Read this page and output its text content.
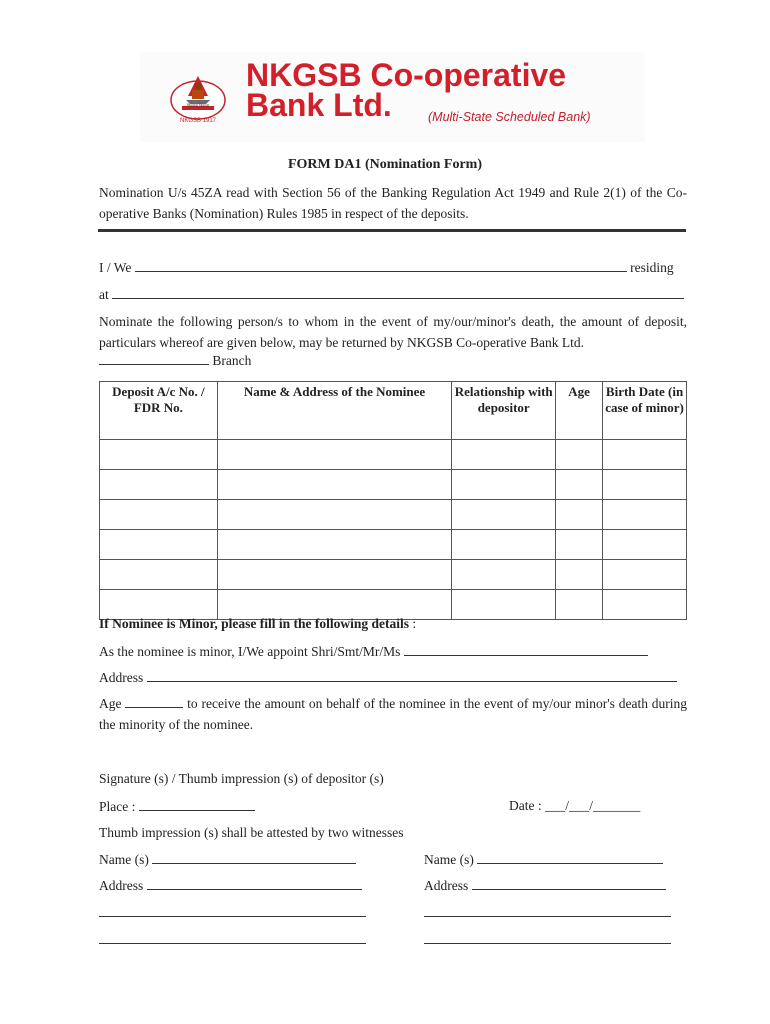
विश्वास विकास
NKGSB 1917
NKGSB Co-operative
Bank Ltd.	(Multi-State Scheduled Bank)
FORM DA1 (Nomination Form)
Nomination U/s 45ZA read with Section 56 of the Banking Regulation Act 1949 and Rule 2(1) of the Co-operative Banks (Nomination) Rules 1985 in respect of the deposits.
I / We	residing
at
Nominate the following person/s to whom in the event of my/our/minor's death, the amount of deposit, particulars whereof are given below, may be returned by NKGSB Co-operative Bank Ltd.
Branch
Deposit A/c No. / FDR No.	Name & Address of the Nominee	Relationship with depositor	Age	Birth Date (in case of minor)

If Nominee is Minor, please fill in the following details :
As the nominee is minor, I/We appoint Shri/Smt/Mr/Ms
Address
Age	to receive the amount on behalf of the nominee in the event of my/our minor's death during the minority of the nominee.
Signature (s) / Thumb impression (s) of depositor (s)
Place :	Date : ___/___/_______
Thumb impression (s) shall be attested by two witnesses
Name (s)
Address
Name (s)
Address
